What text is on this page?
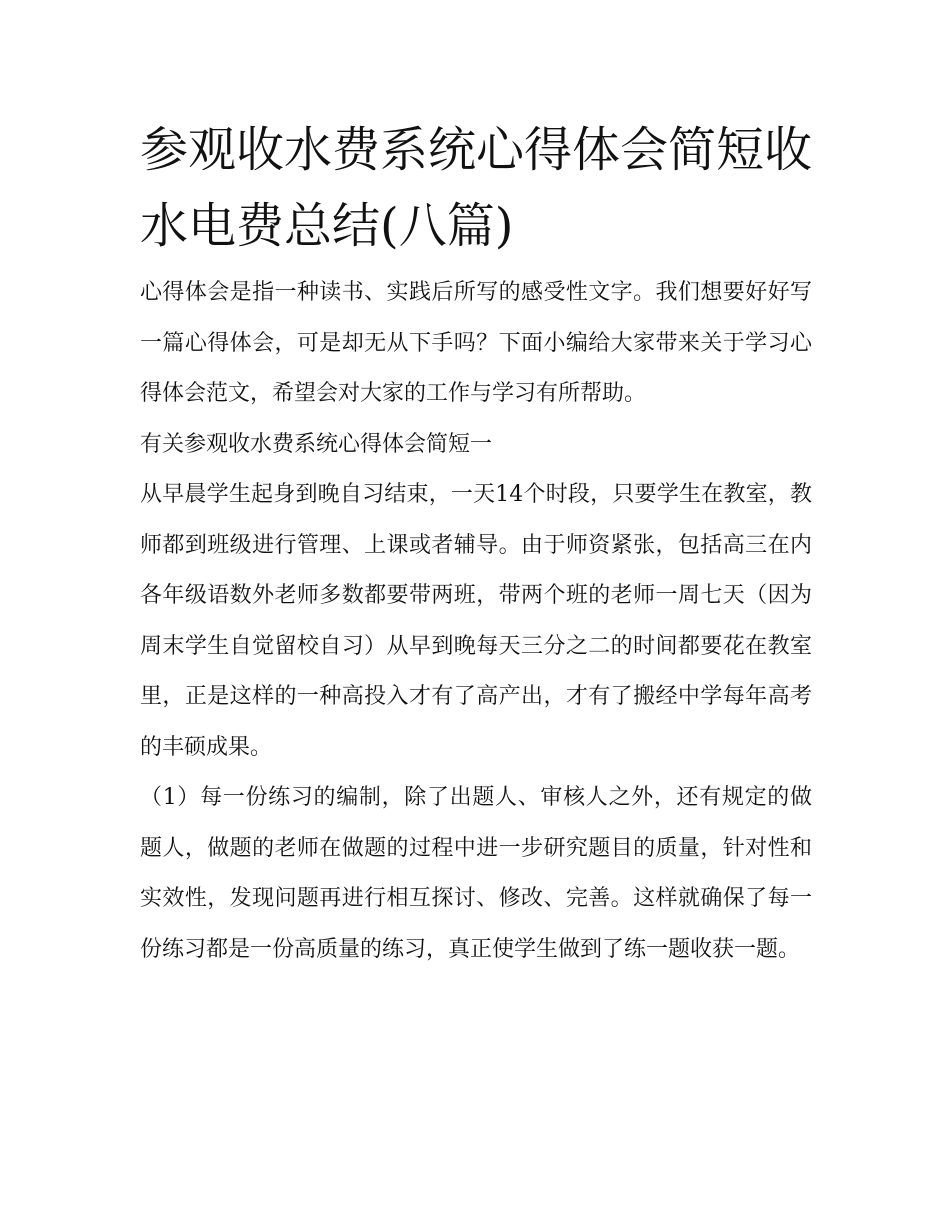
参观收水费系统心得体会简短收水电费总结(八篇)

心得体会是指一种读书、实践后所写的感受性文字。我们想要好好写一篇心得体会，可是却无从下手吗？下面小编给大家带来关于学习心得体会范文，希望会对大家的工作与学习有所帮助。

有关参观收水费系统心得体会简短一

从早晨学生起身到晚自习结束，一天14个时段，只要学生在教室，教师都到班级进行管理、上课或者辅导。由于师资紧张，包括高三在内各年级语数外老师多数都要带两班，带两个班的老师一周七天（因为周末学生自觉留校自习）从早到晚每天三分之二的时间都要花在教室里，正是这样的一种高投入才有了高产出，才有了搬经中学每年高考的丰硕成果。

（1）每一份练习的编制，除了出题人、审核人之外，还有规定的做题人，做题的老师在做题的过程中进一步研究题目的质量，针对性和实效性，发现问题再进行相互探讨、修改、完善。这样就确保了每一份练习都是一份高质量的练习，真正使学生做到了练一题收获一题。
